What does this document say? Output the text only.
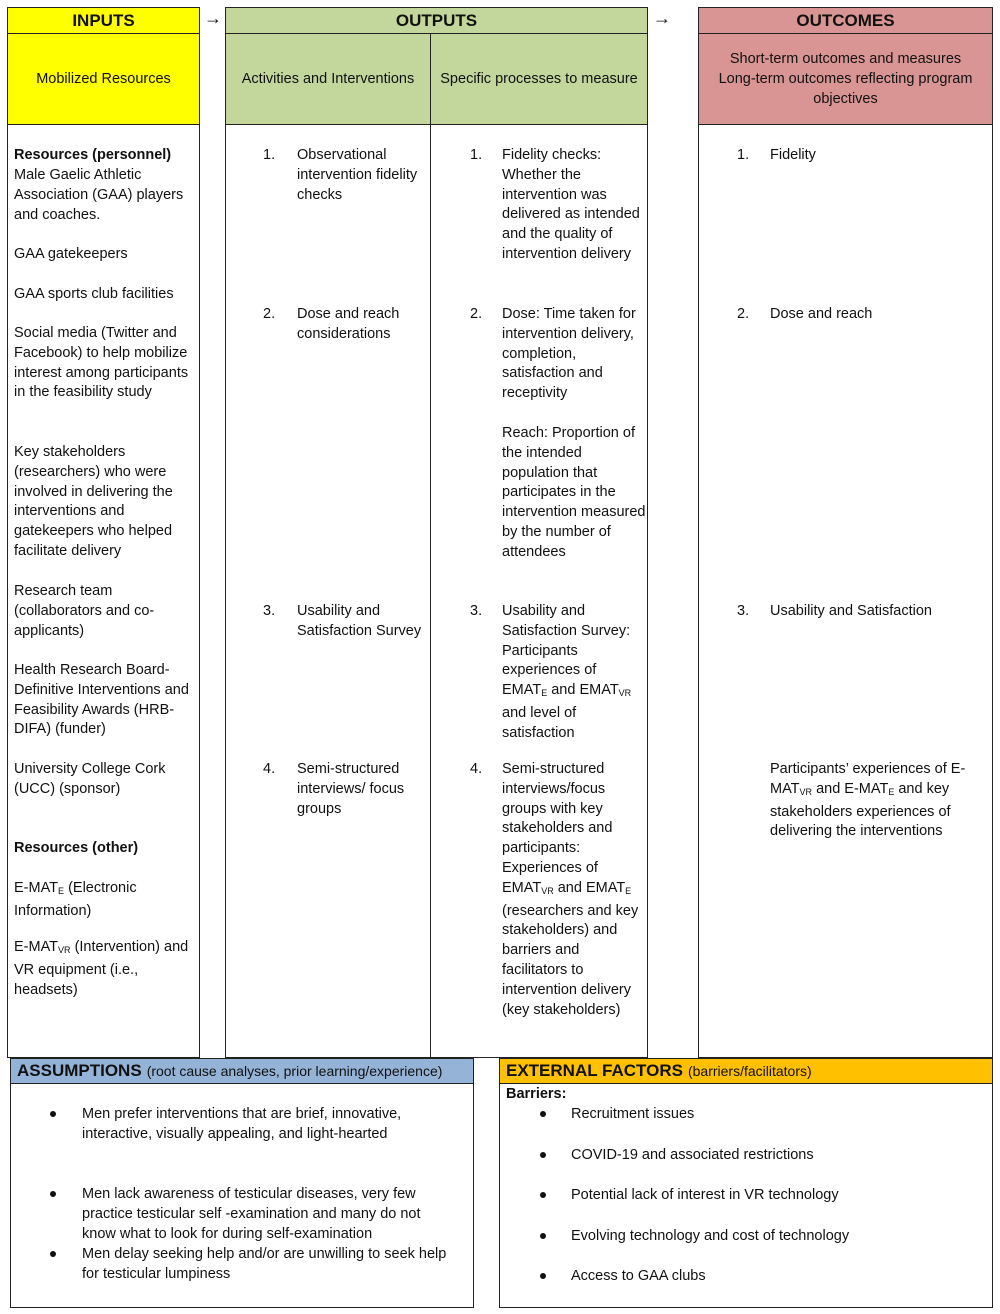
INPUTS
Mobilized Resources
Resources (personnel)
Male Gaelic Athletic Association (GAA) players and coaches.
GAA gatekeepers
GAA sports club facilities
Social media (Twitter and Facebook) to help mobilize interest among participants in the feasibility study
Key stakeholders (researchers) who were involved in delivering the interventions and gatekeepers who helped facilitate delivery
Research team (collaborators and co-applicants)
Health Research Board-Definitive Interventions and Feasibility Awards (HRB-DIFA) (funder)
University College Cork (UCC) (sponsor)
Resources (other)
$E-MAT_E$ (Electronic Information)
$E-MAT_{VR}$ (Intervention) and VR equipment (i.e., headsets)
→	→
OUTPUTS
Activities and Interventions Specific processes to measure
1. Observational intervention fidelity checks
2. Dose and reach considerations
3. Usability and Satisfaction Survey
4. Semi-structured interviews/ focus groups
1. Fidelity checks: Whether the intervention was delivered as intended and the quality of intervention delivery
2. Dose: Time taken for intervention delivery, completion, satisfaction and receptivity
Reach: Proportion of the intended population that participates in the intervention measured by the number of attendees
3. Usability and Satisfaction Survey: Participants experiences of $EMAT_E$ and $EMAT_{VR}$ and level of satisfaction
4. Semi-structured interviews/focus groups with key stakeholders and participants: Experiences of $EMAT_{VR}$ and $EMAT_E$ (researchers and key stakeholders) and barriers and facilitators to intervention delivery (key stakeholders)
OUTCOMES
Short-term outcomes and measures
Long-term outcomes reflecting program objectives
1. Fidelity
2. Dose and reach
3. Usability and Satisfaction
Participants’ experiences of $E-MAT_{VR}$ and $E-MAT_E$ and key stakeholders experiences of delivering the interventions
ASSUMPTIONS (root cause analyses, prior learning/experience)
Men prefer interventions that are brief, innovative, interactive, visually appealing, and light-hearted
Men lack awareness of testicular diseases, very few practice testicular self -examination and many do not know what to look for during self-examination
Men delay seeking help and/or are unwilling to seek help for testicular lumpiness
EXTERNAL FACTORS (barriers/facilitators)
Barriers:
Recruitment issues
COVID-19 and associated restrictions
Potential lack of interest in VR technology
Evolving technology and cost of technology
Access to GAA clubs
